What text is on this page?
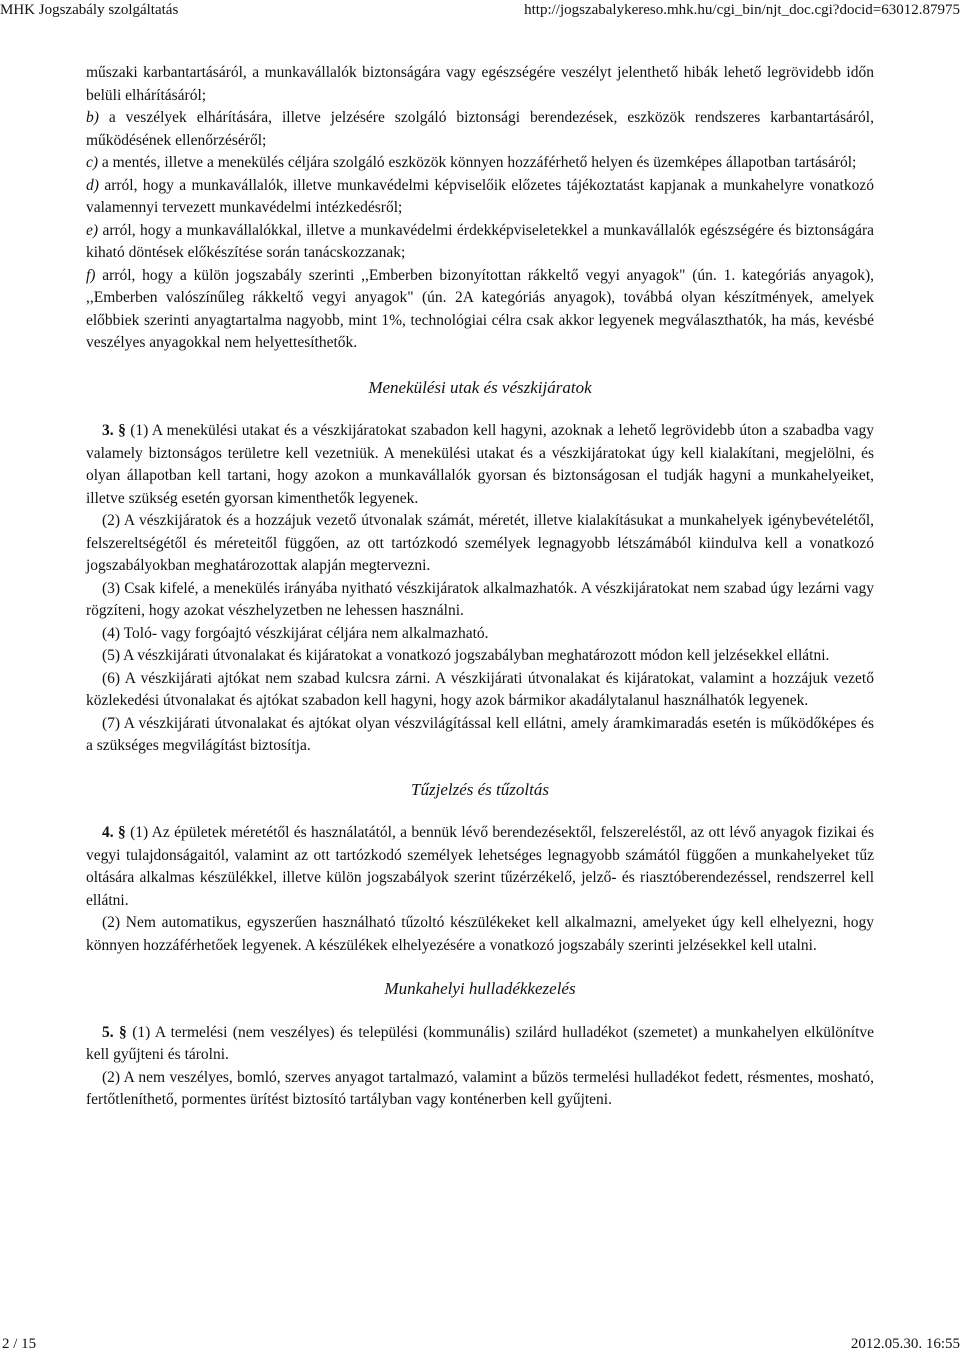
MHK Jogszabály szolgáltatás	http://jogszabalykereso.mhk.hu/cgi_bin/njt_doc.cgi?docid=63012.87975

műszaki karbantartásáról, a munkavállalók biztonságára vagy egészségére veszélyt jelenthető hibák lehető legrövidebb időn belüli elhárításáról;

b) a veszélyek elhárítására, illetve jelzésére szolgáló biztonsági berendezések, eszközök rendszeres karbantartásáról, működésének ellenőrzéséről;

c) a mentés, illetve a menekülés céljára szolgáló eszközök könnyen hozzáférhető helyen és üzemképes állapotban tartásáról;

d) arról, hogy a munkavállalók, illetve munkavédelmi képviselőik előzetes tájékoztatást kapjanak a munkahelyre vonatkozó valamennyi tervezett munkavédelmi intézkedésről;

e) arról, hogy a munkavállalókkal, illetve a munkavédelmi érdekképviseletekkel a munkavállalók egészségére és biztonságára kiható döntések előkészítése során tanácskozzanak;

f) arról, hogy a külön jogszabály szerinti ,,Emberben bizonyítottan rákkeltő vegyi anyagok" (ún. 1. kategóriás anyagok), ,,Emberben valószínűleg rákkeltő vegyi anyagok" (ún. 2A kategóriás anyagok), továbbá olyan készítmények, amelyek előbbiek szerinti anyagtartalma nagyobb, mint 1%, technológiai célra csak akkor legyenek megválaszthatók, ha más, kevésbé veszélyes anyagokkal nem helyettesíthetők.

Menekülési utak és vészkijáratok

3. § (1) A menekülési utakat és a vészkijáratokat szabadon kell hagyni, azoknak a lehető legrövidebb úton a szabadba vagy valamely biztonságos területre kell vezetniük. A menekülési utakat és a vészkijáratokat úgy kell kialakítani, megjelölni, és olyan állapotban kell tartani, hogy azokon a munkavállalók gyorsan és biztonságosan el tudják hagyni a munkahelyeiket, illetve szükség esetén gyorsan kimenthetők legyenek.

(2) A vészkijáratok és a hozzájuk vezető útvonalak számát, méretét, illetve kialakításukat a munkahelyek igénybevételétől, felszereltségétől és méreteitől függően, az ott tartózkodó személyek legnagyobb létszámából kiindulva kell a vonatkozó jogszabályokban meghatározottak alapján megtervezni.

(3) Csak kifelé, a menekülés irányába nyitható vészkijáratok alkalmazhatók. A vészkijáratokat nem szabad úgy lezárni vagy rögzíteni, hogy azokat vészhelyzetben ne lehessen használni.

(4) Toló- vagy forgóajtó vészkijárat céljára nem alkalmazható.

(5) A vészkijárati útvonalakat és kijáratokat a vonatkozó jogszabályban meghatározott módon kell jelzésekkel ellátni.

(6) A vészkijárati ajtókat nem szabad kulcsra zárni. A vészkijárati útvonalakat és kijáratokat, valamint a hozzájuk vezető közlekedési útvonalakat és ajtókat szabadon kell hagyni, hogy azok bármikor akadálytalanul használhatók legyenek.

(7) A vészkijárati útvonalakat és ajtókat olyan vészvilágítással kell ellátni, amely áramkimaradás esetén is működőképes és a szükséges megvilágítást biztosítja.

Tűzjelzés és tűzoltás

4. § (1) Az épületek méretétől és használatától, a bennük lévő berendezésektől, felszereléstől, az ott lévő anyagok fizikai és vegyi tulajdonságaitól, valamint az ott tartózkodó személyek lehetséges legnagyobb számától függően a munkahelyeket tűz oltására alkalmas készülékkel, illetve külön jogszabályok szerint tűzérzékelő, jelző- és riasztóberendezéssel, rendszerrel kell ellátni.

(2) Nem automatikus, egyszerűen használható tűzoltó készülékeket kell alkalmazni, amelyeket úgy kell elhelyezni, hogy könnyen hozzáférhetőek legyenek. A készülékek elhelyezésére a vonatkozó jogszabály szerinti jelzésekkel kell utalni.

Munkahelyi hulladékkezelés

5. § (1) A termelési (nem veszélyes) és települési (kommunális) szilárd hulladékot (szemetet) a munkahelyen elkülönítve kell gyűjteni és tárolni.

(2) A nem veszélyes, bomló, szerves anyagot tartalmazó, valamint a bűzös termelési hulladékot fedett, résmentes, mosható, fertőtleníthető, pormentes ürítést biztosító tartályban vagy konténerben kell gyűjteni.

2 / 15	2012.05.30. 16:55
